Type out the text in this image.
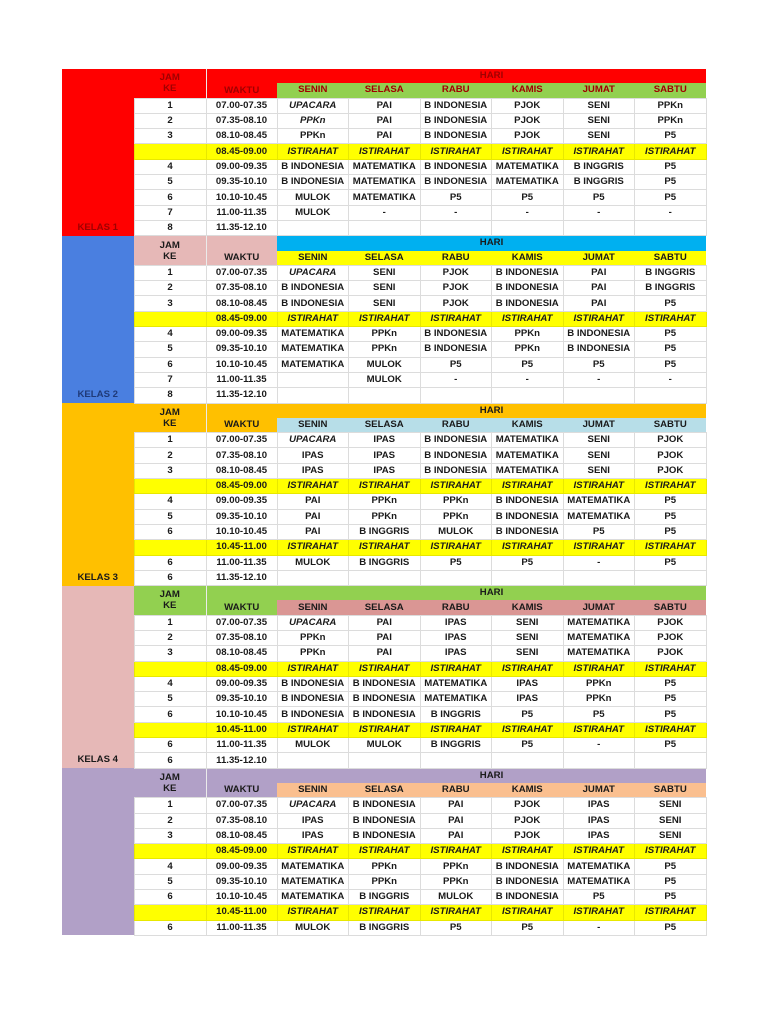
KELAS 1	JAM
KE	WAKTU	HARI					
			SENIN	SELASA	RABU	KAMIS	JUMAT	SABTU
	1	07.00-07.35	UPACARA	PAI	B INDONESIA	PJOK	SENI	PPKn
	2	07.35-08.10	PPKn	PAI	B INDONESIA	PJOK	SENI	PPKn
	3	08.10-08.45	PPKn	PAI	B INDONESIA	PJOK	SENI	P5
		08.45-09.00	ISTIRAHAT	ISTIRAHAT	ISTIRAHAT	ISTIRAHAT	ISTIRAHAT	ISTIRAHAT
	4	09.00-09.35	B INDONESIA	MATEMATIKA	B INDONESIA	MATEMATIKA	B INGGRIS	P5
	5	09.35-10.10	B INDONESIA	MATEMATIKA	B INDONESIA	MATEMATIKA	B INGGRIS	P5
	6	10.10-10.45	MULOK	MATEMATIKA	P5	P5	P5	P5
	7	11.00-11.35	MULOK	-	-	-	-	-
	8	11.35-12.10						
KELAS 2	JAM
KE	WAKTU	HARI					
			SENIN	SELASA	RABU	KAMIS	JUMAT	SABTU
	1	07.00-07.35	UPACARA	SENI	PJOK	B INDONESIA	PAI	B INGGRIS
	2	07.35-08.10	B INDONESIA	SENI	PJOK	B INDONESIA	PAI	B INGGRIS
	3	08.10-08.45	B INDONESIA	SENI	PJOK	B INDONESIA	PAI	P5
		08.45-09.00	ISTIRAHAT	ISTIRAHAT	ISTIRAHAT	ISTIRAHAT	ISTIRAHAT	ISTIRAHAT
	4	09.00-09.35	MATEMATIKA	PPKn	B INDONESIA	PPKn	B INDONESIA	P5
	5	09.35-10.10	MATEMATIKA	PPKn	B INDONESIA	PPKn	B INDONESIA	P5
	6	10.10-10.45	MATEMATIKA	MULOK	P5	P5	P5	P5
	7	11.00-11.35		MULOK	-	-	-	-
	8	11.35-12.10						
KELAS 3	JAM
KE	WAKTU	HARI					
			SENIN	SELASA	RABU	KAMIS	JUMAT	SABTU
	1	07.00-07.35	UPACARA	IPAS	B INDONESIA	MATEMATIKA	SENI	PJOK
	2	07.35-08.10	IPAS	IPAS	B INDONESIA	MATEMATIKA	SENI	PJOK
	3	08.10-08.45	IPAS	IPAS	B INDONESIA	MATEMATIKA	SENI	PJOK
		08.45-09.00	ISTIRAHAT	ISTIRAHAT	ISTIRAHAT	ISTIRAHAT	ISTIRAHAT	ISTIRAHAT
	4	09.00-09.35	PAI	PPKn	PPKn	B INDONESIA	MATEMATIKA	P5
	5	09.35-10.10	PAI	PPKn	PPKn	B INDONESIA	MATEMATIKA	P5
	6	10.10-10.45	PAI	B INGGRIS	MULOK	B INDONESIA	P5	P5
		10.45-11.00	ISTIRAHAT	ISTIRAHAT	ISTIRAHAT	ISTIRAHAT	ISTIRAHAT	ISTIRAHAT
	6	11.00-11.35	MULOK	B INGGRIS	P5	P5	-	P5
	6	11.35-12.10						
KELAS 4	JAM
KE	WAKTU	HARI					
			SENIN	SELASA	RABU	KAMIS	JUMAT	SABTU
	1	07.00-07.35	UPACARA	PAI	IPAS	SENI	MATEMATIKA	PJOK
	2	07.35-08.10	PPKn	PAI	IPAS	SENI	MATEMATIKA	PJOK
	3	08.10-08.45	PPKn	PAI	IPAS	SENI	MATEMATIKA	PJOK
		08.45-09.00	ISTIRAHAT	ISTIRAHAT	ISTIRAHAT	ISTIRAHAT	ISTIRAHAT	ISTIRAHAT
	4	09.00-09.35	B INDONESIA	B INDONESIA	MATEMATIKA	IPAS	PPKn	P5
	5	09.35-10.10	B INDONESIA	B INDONESIA	MATEMATIKA	IPAS	PPKn	P5
	6	10.10-10.45	B INDONESIA	B INDONESIA	B INGGRIS	P5	P5	P5
		10.45-11.00	ISTIRAHAT	ISTIRAHAT	ISTIRAHAT	ISTIRAHAT	ISTIRAHAT	ISTIRAHAT
	6	11.00-11.35	MULOK	MULOK	B INGGRIS	P5	-	P5
	6	11.35-12.10						
	JAM
KE	WAKTU	HARI					
			SENIN	SELASA	RABU	KAMIS	JUMAT	SABTU
	1	07.00-07.35	UPACARA	B INDONESIA	PAI	PJOK	IPAS	SENI
	2	07.35-08.10	IPAS	B INDONESIA	PAI	PJOK	IPAS	SENI
	3	08.10-08.45	IPAS	B INDONESIA	PAI	PJOK	IPAS	SENI
		08.45-09.00	ISTIRAHAT	ISTIRAHAT	ISTIRAHAT	ISTIRAHAT	ISTIRAHAT	ISTIRAHAT
	4	09.00-09.35	MATEMATIKA	PPKn	PPKn	B INDONESIA	MATEMATIKA	P5
	5	09.35-10.10	MATEMATIKA	PPKn	PPKn	B INDONESIA	MATEMATIKA	P5
	6	10.10-10.45	MATEMATIKA	B INGGRIS	MULOK	B INDONESIA	P5	P5
		10.45-11.00	ISTIRAHAT	ISTIRAHAT	ISTIRAHAT	ISTIRAHAT	ISTIRAHAT	ISTIRAHAT
	6	11.00-11.35	MULOK	B INGGRIS	P5	P5	-	P5
